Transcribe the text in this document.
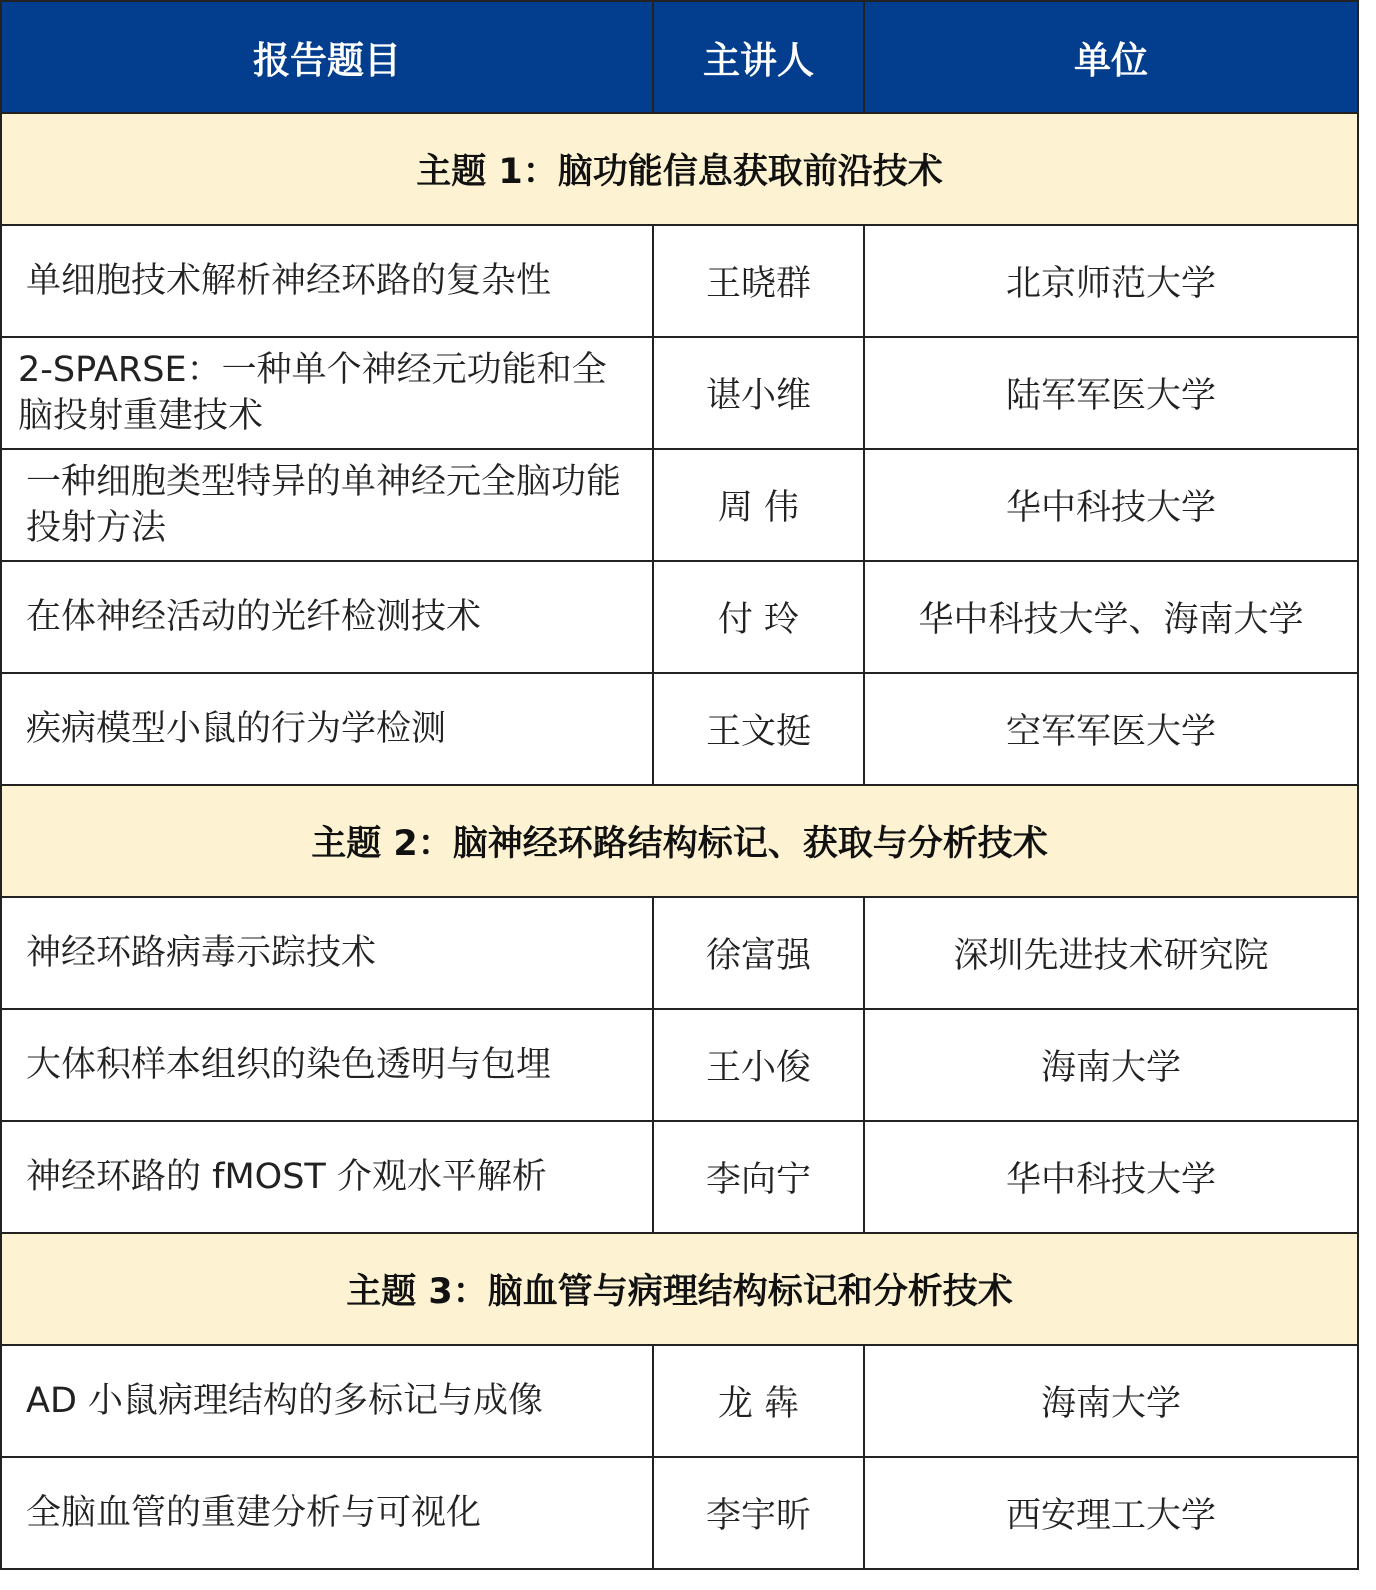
报告题目	主讲人	单位
主题 1：脑功能信息获取前沿技术		
单细胞技术解析神经环路的复杂性	王晓群	北京师范大学
2-SPARSE：一种单个神经元功能和全脑投射重建技术	谌小维	陆军军医大学
一种细胞类型特异的单神经元全脑功能投射方法	周 伟	华中科技大学
在体神经活动的光纤检测技术	付 玲	华中科技大学、海南大学
疾病模型小鼠的行为学检测	王文挺	空军军医大学
主题 2：脑神经环路结构标记、获取与分析技术		
神经环路病毒示踪技术	徐富强	深圳先进技术研究院
大体积样本组织的染色透明与包埋	王小俊	海南大学
神经环路的 fMOST 介观水平解析	李向宁	华中科技大学
主题 3：脑血管与病理结构标记和分析技术		
AD 小鼠病理结构的多标记与成像	龙 犇	海南大学
全脑血管的重建分析与可视化	李宇昕	西安理工大学
